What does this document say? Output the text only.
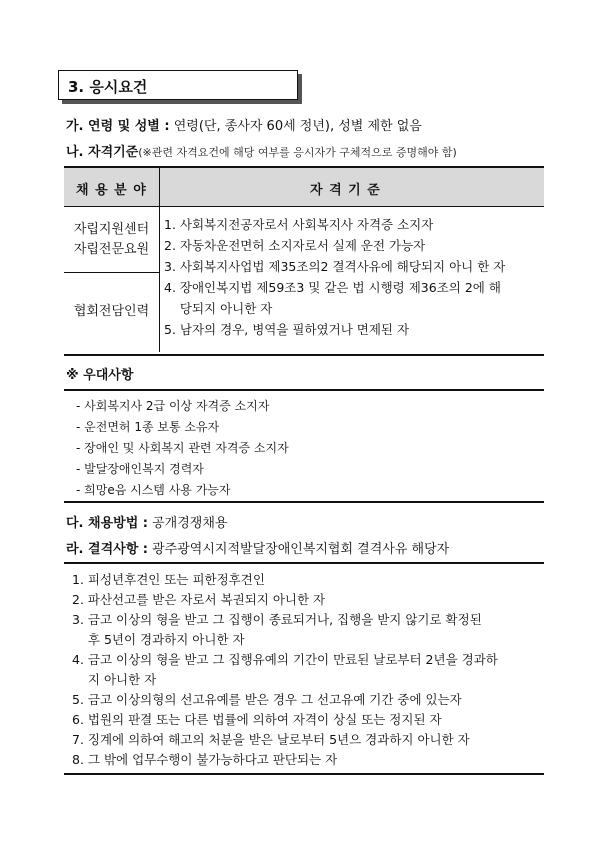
3. 응시요건
가. 연령 및 성별 : 연령(단, 종사자 60세 정년), 성별 제한 없음
나. 자격기준(※관련 자격요건에 해당 여부를 응시자가 구체적으로 증명해야 함)
채 용 분 야	자 격 기 준
자립지원센터
자립전문요원
협회전담인력
1. 사회복지전공자로서 사회복지사 자격증 소지자
2. 자동차운전면허 소지자로서 실제 운전 가능자
3. 사회복지사업법 제35조의2 결격사유에 해당되지 아니 한 자
4. 장애인복지법 제59조3 및 같은 법 시행령 제36조의 2에 해
당되지 아니한 자
5. 남자의 경우, 병역을 필하였거나 면제된 자
※ 우대사항
- 사회복지사 2급 이상 자격증 소지자
- 운전면허 1종 보통 소유자
- 장애인 및 사회복지 관련 자격증 소지자
- 발달장애인복지 경력자
- 희망e음 시스템 사용 가능자
다. 채용방법 : 공개경쟁채용
라. 결격사항 : 광주광역시지적발달장애인복지협회 결격사유 해당자
1. 피성년후견인 또는 피한정후견인
2. 파산선고를 받은 자로서 복권되지 아니한 자
3. 금고 이상의 형을 받고 그 집행이 종료되거나, 집행을 받지 않기로 확정된
후 5년이 경과하지 아니한 자
4. 금고 이상의 형을 받고 그 집행유예의 기간이 만료된 날로부터 2년을 경과하
지 아니한 자
5. 금고 이상의형의 선고유예를 받은 경우 그 선고유예 기간 중에 있는자
6. 법원의 판결 또는 다른 법률에 의하여 자격이 상실 또는 정지된 자
7. 징계에 의하여 해고의 처분을 받은 날로부터 5년으 경과하지 아니한 자
8. 그 밖에 업무수행이 불가능하다고 판단되는 자
